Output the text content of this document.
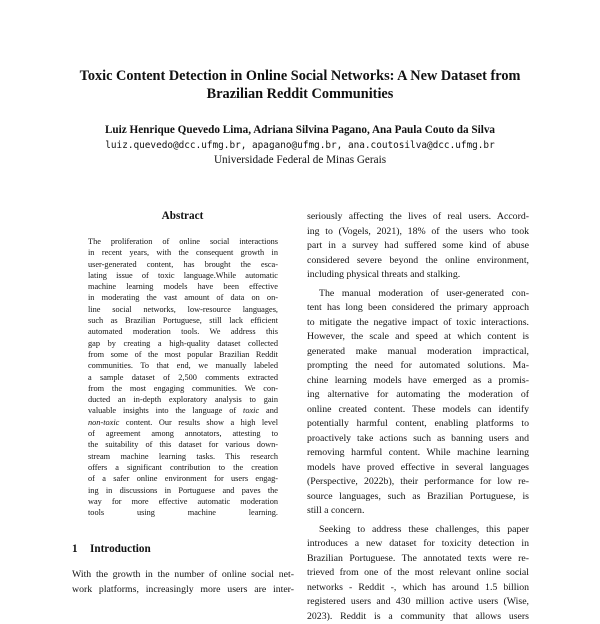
Toxic Content Detection in Online Social Networks: A New Dataset from
Brazilian Reddit Communities
Luiz Henrique Quevedo Lima, Adriana Silvina Pagano, Ana Paula Couto da Silva
luiz.quevedo@dcc.ufmg.br, apagano@ufmg.br, ana.coutosilva@dcc.ufmg.br
Universidade Federal de Minas Gerais
Abstract
The proliferation of online social interactions
in recent years, with the consequent growth in
user-generated content, has brought the esca-
lating issue of toxic language.While automatic
machine learning models have been effective
in moderating the vast amount of data on on-
line social networks, low-resource languages,
such as Brazilian Portuguese, still lack efficient
automated moderation tools. We address this
gap by creating a high-quality dataset collected
from some of the most popular Brazilian Reddit
communities. To that end, we manually labeled
a sample dataset of 2,500 comments extracted
from the most engaging communities. We con-
ducted an in-depth exploratory analysis to gain
valuable insights into the language of toxic and
non-toxic content. Our results show a high level
of agreement among annotators, attesting to
the suitability of this dataset for various down-
stream machine learning tasks. This research
offers a significant contribution to the creation
of a safer online environment for users engag-
ing in discussions in Portuguese and paves the
way for more effective automatic moderation
tools using machine learning.
1 Introduction
With the growth in the number of online social net-
work platforms, increasingly more users are inter-
seriously affecting the lives of real users. Accord-
ing to (Vogels, 2021), 18% of the users who took
part in a survey had suffered some kind of abuse
considered severe beyond the online environment,
including physical threats and stalking.
The manual moderation of user-generated con-
tent has long been considered the primary approach
to mitigate the negative impact of toxic interactions.
However, the scale and speed at which content is
generated make manual moderation impractical,
prompting the need for automated solutions. Ma-
chine learning models have emerged as a promis-
ing alternative for automating the moderation of
online created content. These models can identify
potentially harmful content, enabling platforms to
proactively take actions such as banning users and
removing harmful content. While machine learning
models have proved effective in several languages
(Perspective, 2022b), their performance for low re-
source languages, such as Brazilian Portuguese, is
still a concern.
Seeking to address these challenges, this paper
introduces a new dataset for toxicity detection in
Brazilian Portuguese. The annotated texts were re-
trieved from one of the most relevant online social
networks - Reddit -, which has around 1.5 billion
registered users and 430 million active users (Wise,
2023). Reddit is a community that allows users
